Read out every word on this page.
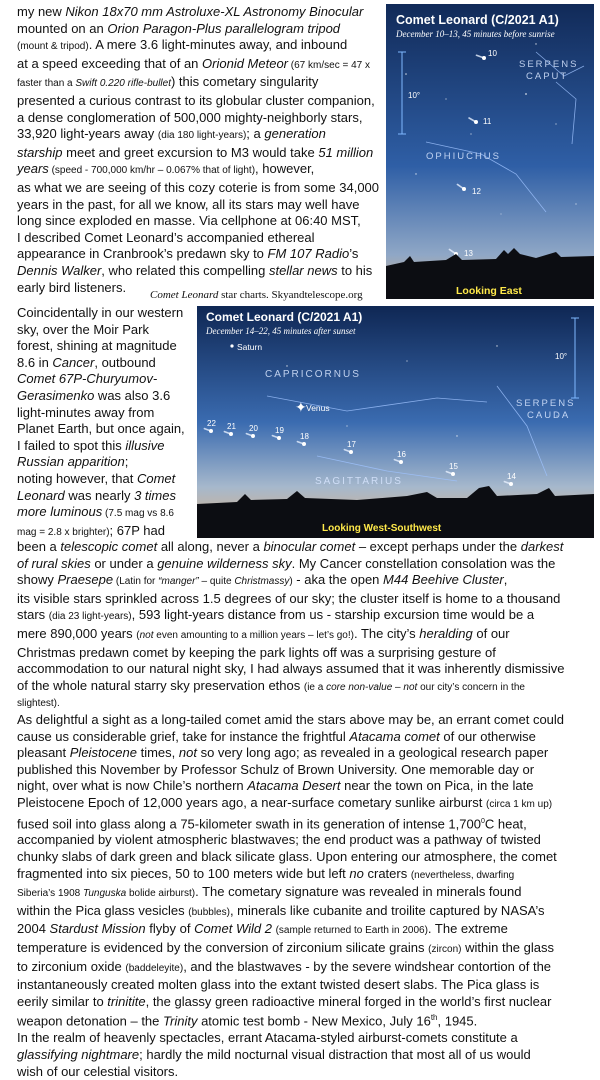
my new Nikon 18x70 mm Astroluxe-XL Astronomy Binocular
mounted on an Orion Paragon-Plus parallelogram tripod
(mount & tripod). A mere 3.6 light-minutes away, and inbound
at a speed exceeding that of an Orionid Meteor (67 km/sec = 47 x
faster than a Swift 0.220 rifle-bullet) this cometary singularity
presented a curious contrast to its globular cluster companion,
a dense conglomeration of 500,000 mighty-neighborly stars,
33,920 light-years away (dia 180 light-years); a generation
starship meet and greet excursion to M3 would take 51 million
years (speed - 700,000 km/hr – 0.067% that of light), however,
as what we are seeing of this cozy coterie is from some 34,000
years in the past, for all we know, all its stars may well have
long since exploded en masse. Via cellphone at 06:40 MST,
I described Comet Leonard’s accompanied ethereal
appearance in Cranbrook’s predawn sky to FM 107 Radio’s
Dennis Walker, who related this compelling stellar news to his
early bird listeners.
Comet Leonard star charts. Skyandtelescope.org
Comet Leonard (C/2021 A1)
December 10–13, 45 minutes before sunrise
SERPENS
CAPUT
OPHIUCHUS
10°
10
11
12
13
Looking East
Comet Leonard (C/2021 A1)
December 14–22, 45 minutes after sunset
Saturn
CAPRICORNUS
Venus
✦	SERPENS
CAUDA
SAGITTARIUS
10°
22 21 20 19
18
17
16
15
14
Looking West-Southwest
Coincidentally in our western
sky, over the Moir Park
forest, shining at magnitude
8.6 in Cancer, outbound
Comet 67P-Churyumov-
Gerasimenko was also 3.6
light-minutes away from
Planet Earth, but once again,
I failed to spot this illusive
Russian apparition;
noting however, that Comet
Leonard was nearly 3 times
more luminous (7.5 mag vs 8.6
mag = 2.8 x brighter); 67P had
been a telescopic comet all along, never a binocular comet – except perhaps under the darkest
of rural skies or under a genuine wilderness sky. My Cancer constellation consolation was the
showy Praesepe (Latin for “manger” – quite Christmassy) - aka the open M44 Beehive Cluster,
its visible stars sprinkled across 1.5 degrees of our sky; the cluster itself is home to a thousand
stars (dia 23 light-years), 593 light-years distance from us - starship excursion time would be a
mere 890,000 years (not even amounting to a million years – let’s go!). The city’s heralding of our
Christmas predawn comet by keeping the park lights off was a surprising gesture of
accommodation to our natural night sky, I had always assumed that it was inherently dismissive
of the whole natural starry sky preservation ethos (ie a core non-value – not our city’s concern in the
slightest).
As delightful a sight as a long-tailed comet amid the stars above may be, an errant comet could
cause us considerable grief, take for instance the frightful Atacama comet of our otherwise
pleasant Pleistocene times, not so very long ago; as revealed in a geological research paper
published this November by Professor Schulz of Brown University. One memorable day or
night, over what is now Chile’s northern Atacama Desert near the town on Pica, in the late
Pleistocene Epoch of 12,000 years ago, a near-surface cometary sunlike airburst (circa 1 km up)
fused soil into glass along a 75-kilometer swath in its generation of intense 1,700$^0$C heat,
accompanied by violent atmospheric blastwaves; the end product was a pathway of twisted
chunky slabs of dark green and black silicate glass. Upon entering our atmosphere, the comet
fragmented into six pieces, 50 to 100 meters wide but left no craters (nevertheless, dwarfing
Siberia’s 1908 Tunguska bolide airburst). The cometary signature was revealed in minerals found
within the Pica glass vesicles (bubbles), minerals like cubanite and troilite captured by NASA’s
2004 Stardust Mission flyby of Comet Wild 2 (sample returned to Earth in 2006). The extreme
temperature is evidenced by the conversion of zirconium silicate grains (zircon) within the glass
to zirconium oxide (baddeleyite), and the blastwaves - by the severe windshear contortion of the
instantaneously created molten glass into the extant twisted desert slabs. The Pica glass is
eerily similar to trinitite, the glassy green radioactive mineral forged in the world’s first nuclear
weapon detonation – the Trinity atomic test bomb - New Mexico, July 16th, 1945.
In the realm of heavenly spectacles, errant Atacama-styled airburst-comets constitute a
glassifying nightmare; hardly the mild nocturnal visual distraction that most all of us would
wish of our celestial visitors.
